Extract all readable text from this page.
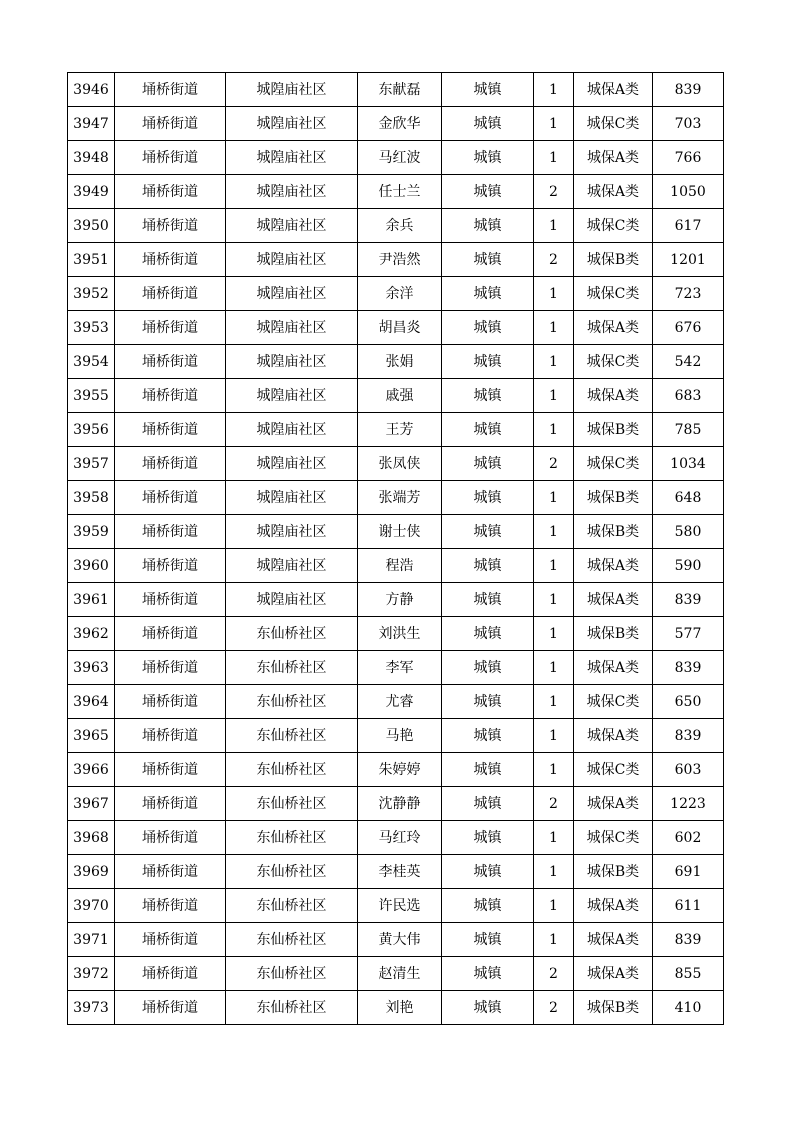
3946	埇桥街道	城隍庙社区	东献磊	城镇	1	城保A类	839
3947	埇桥街道	城隍庙社区	金欣华	城镇	1	城保C类	703
3948	埇桥街道	城隍庙社区	马红波	城镇	1	城保A类	766
3949	埇桥街道	城隍庙社区	任士兰	城镇	2	城保A类	1050
3950	埇桥街道	城隍庙社区	余兵	城镇	1	城保C类	617
3951	埇桥街道	城隍庙社区	尹浩然	城镇	2	城保B类	1201
3952	埇桥街道	城隍庙社区	余洋	城镇	1	城保C类	723
3953	埇桥街道	城隍庙社区	胡昌炎	城镇	1	城保A类	676
3954	埇桥街道	城隍庙社区	张娟	城镇	1	城保C类	542
3955	埇桥街道	城隍庙社区	戚强	城镇	1	城保A类	683
3956	埇桥街道	城隍庙社区	王芳	城镇	1	城保B类	785
3957	埇桥街道	城隍庙社区	张凤侠	城镇	2	城保C类	1034
3958	埇桥街道	城隍庙社区	张端芳	城镇	1	城保B类	648
3959	埇桥街道	城隍庙社区	谢士侠	城镇	1	城保B类	580
3960	埇桥街道	城隍庙社区	程浩	城镇	1	城保A类	590
3961	埇桥街道	城隍庙社区	方静	城镇	1	城保A类	839
3962	埇桥街道	东仙桥社区	刘洪生	城镇	1	城保B类	577
3963	埇桥街道	东仙桥社区	李军	城镇	1	城保A类	839
3964	埇桥街道	东仙桥社区	尤睿	城镇	1	城保C类	650
3965	埇桥街道	东仙桥社区	马艳	城镇	1	城保A类	839
3966	埇桥街道	东仙桥社区	朱婷婷	城镇	1	城保C类	603
3967	埇桥街道	东仙桥社区	沈静静	城镇	2	城保A类	1223
3968	埇桥街道	东仙桥社区	马红玲	城镇	1	城保C类	602
3969	埇桥街道	东仙桥社区	李桂英	城镇	1	城保B类	691
3970	埇桥街道	东仙桥社区	许民选	城镇	1	城保A类	611
3971	埇桥街道	东仙桥社区	黄大伟	城镇	1	城保A类	839
3972	埇桥街道	东仙桥社区	赵清生	城镇	2	城保A类	855
3973	埇桥街道	东仙桥社区	刘艳	城镇	2	城保B类	410
